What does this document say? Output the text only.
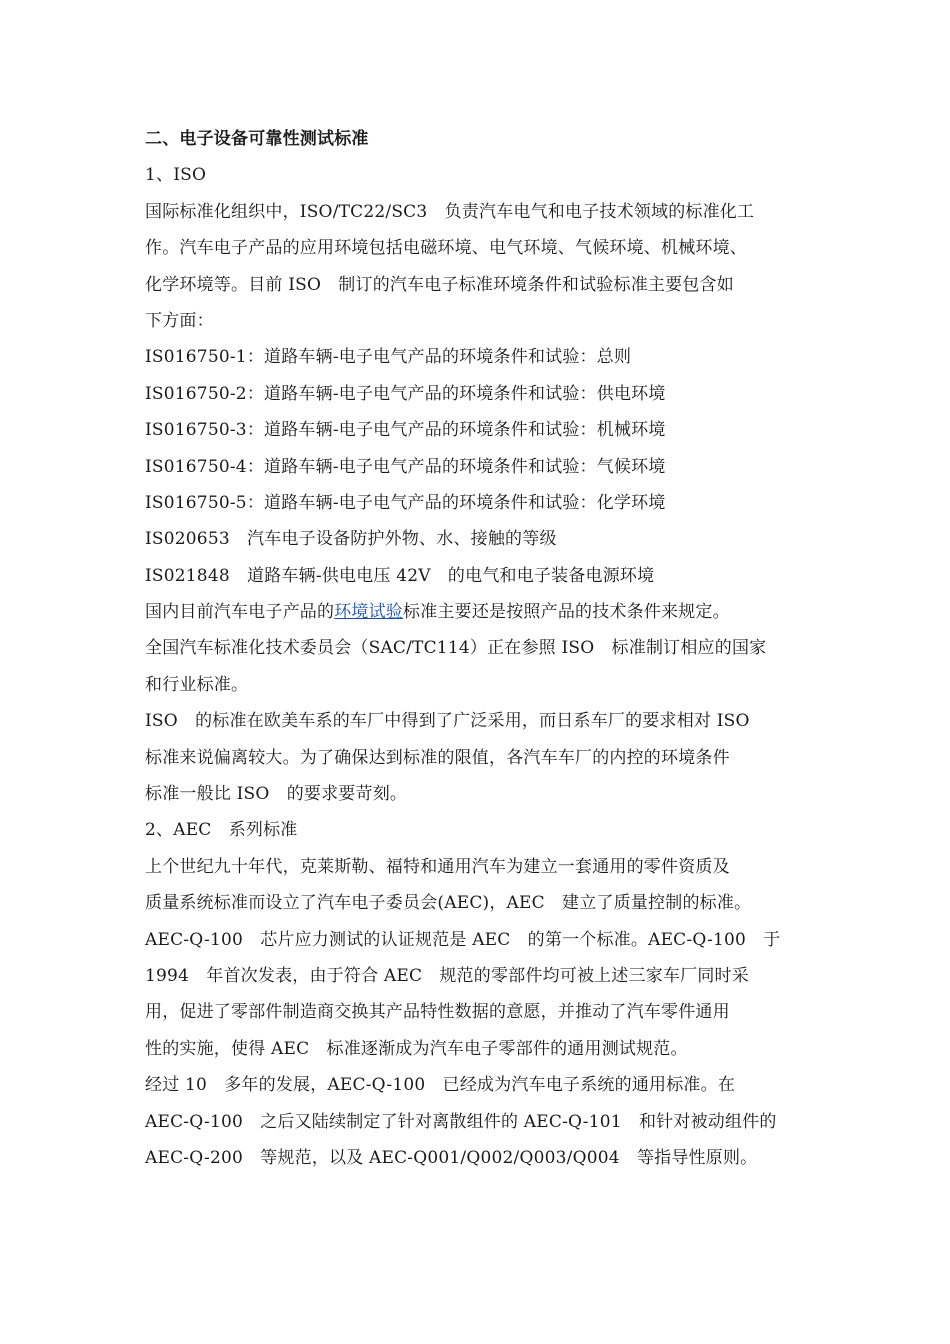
二、电子设备可靠性测试标准
1、ISO
国际标准化组织中，ISO/TC22/SC3　负责汽车电气和电子技术领域的标准化工
作。汽车电子产品的应用环境包括电磁环境、电气环境、气候环境、机械环境、
化学环境等。目前 ISO　制订的汽车电子标准环境条件和试验标准主要包含如
下方面：
IS016750-1：道路车辆-电子电气产品的环境条件和试验：总则
IS016750-2：道路车辆-电子电气产品的环境条件和试验：供电环境
IS016750-3：道路车辆-电子电气产品的环境条件和试验：机械环境
IS016750-4：道路车辆-电子电气产品的环境条件和试验：气候环境
IS016750-5：道路车辆-电子电气产品的环境条件和试验：化学环境
IS020653　汽车电子设备防护外物、水、接触的等级
IS021848　道路车辆-供电电压 42V　的电气和电子装备电源环境
国内目前汽车电子产品的环境试验标准主要还是按照产品的技术条件来规定。
全国汽车标准化技术委员会（SAC/TC114）正在参照 ISO　标准制订相应的国家
和行业标准。
ISO　的标准在欧美车系的车厂中得到了广泛采用，而日系车厂的要求相对 ISO
标准来说偏离较大。为了确保达到标准的限值，各汽车车厂的内控的环境条件
标准一般比 ISO　的要求要苛刻。
2、AEC　系列标准
上个世纪九十年代，克莱斯勒、福特和通用汽车为建立一套通用的零件资质及
质量系统标准而设立了汽车电子委员会(AEC)，AEC　建立了质量控制的标准。
AEC-Q-100　芯片应力测试的认证规范是 AEC　的第一个标准。AEC-Q-100　于
1994　年首次发表，由于符合 AEC　规范的零部件均可被上述三家车厂同时采
用，促进了零部件制造商交换其产品特性数据的意愿，并推动了汽车零件通用
性的实施，使得 AEC　标准逐渐成为汽车电子零部件的通用测试规范。
经过 10　多年的发展，AEC-Q-100　已经成为汽车电子系统的通用标准。在
AEC-Q-100　之后又陆续制定了针对离散组件的 AEC-Q-101　和针对被动组件的
AEC-Q-200　等规范，以及 AEC-Q001/Q002/Q003/Q004　等指导性原则。
